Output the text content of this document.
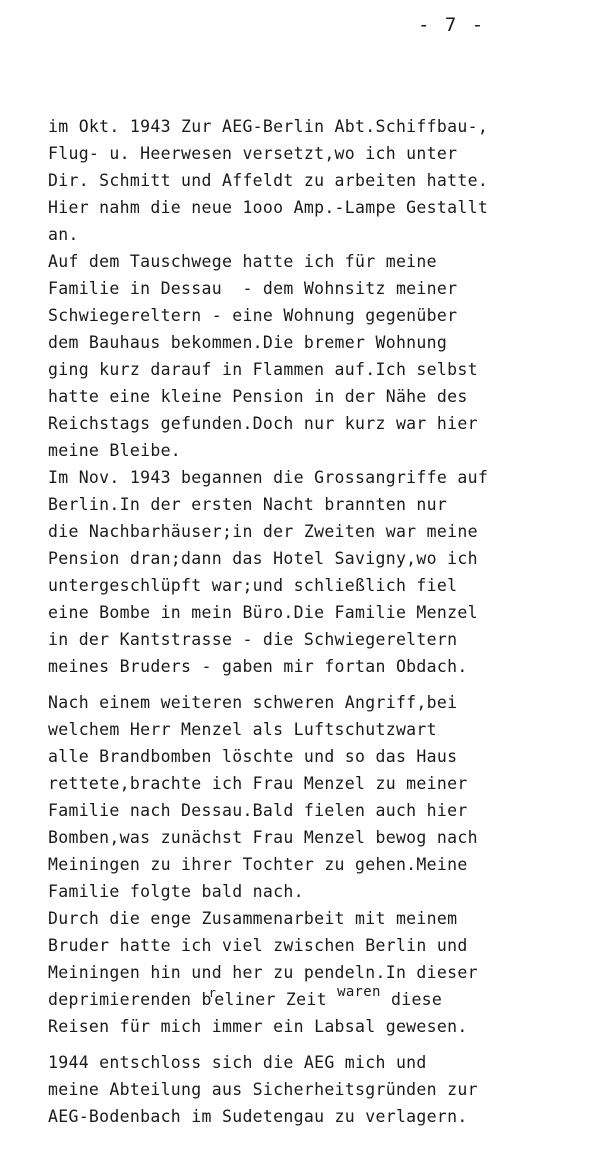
- 7 -
im Okt. 1943 Zur AEG-Berlin Abt.Schiffbau-,
Flug- u. Heerwesen versetzt,wo ich unter
Dir. Schmitt und Affeldt zu arbeiten hatte.
Hier nahm die neue 1ooo Amp.-Lampe Gestallt
an.
Auf dem Tauschwege hatte ich für meine
Familie in Dessau  - dem Wohnsitz meiner
Schwiegereltern - eine Wohnung gegenüber
dem Bauhaus bekommen.Die bremer Wohnung
ging kurz darauf in Flammen auf.Ich selbst
hatte eine kleine Pension in der Nähe des
Reichstags gefunden.Doch nur kurz war hier
meine Bleibe.
Im Nov. 1943 begannen die Grossangriffe auf
Berlin.In der ersten Nacht brannten nur
die Nachbarhäuser;in der Zweiten war meine
Pension dran;dann das Hotel Savigny,wo ich
untergeschlüpft war;und schließlich fiel
eine Bombe in mein Büro.Die Familie Menzel
in der Kantstrasse - die Schwiegereltern
meines Bruders - gaben mir fortan Obdach.
Nach einem weiteren schweren Angriff,bei
welchem Herr Menzel als Luftschutzwart
alle Brandbomben löschte und so das Haus
rettete,brachte ich Frau Menzel zu meiner
Familie nach Dessau.Bald fielen auch hier
Bomben,was zunächst Frau Menzel bewog nach
Meiningen zu ihrer Tochter zu gehen.Meine
Familie folgte bald nach.
Durch die enge Zusammenarbeit mit meinem
Bruder hatte ich viel zwischen Berlin und
Meiningen hin und her zu pendeln.In dieser
deprimierenden $b^reliner$ Zeit $^{waren}$ diese
Reisen für mich immer ein Labsal gewesen.
1944 entschloss sich die AEG mich und
meine Abteilung aus Sicherheitsgründen zur
AEG-Bodenbach im Sudetengau zu verlagern.
